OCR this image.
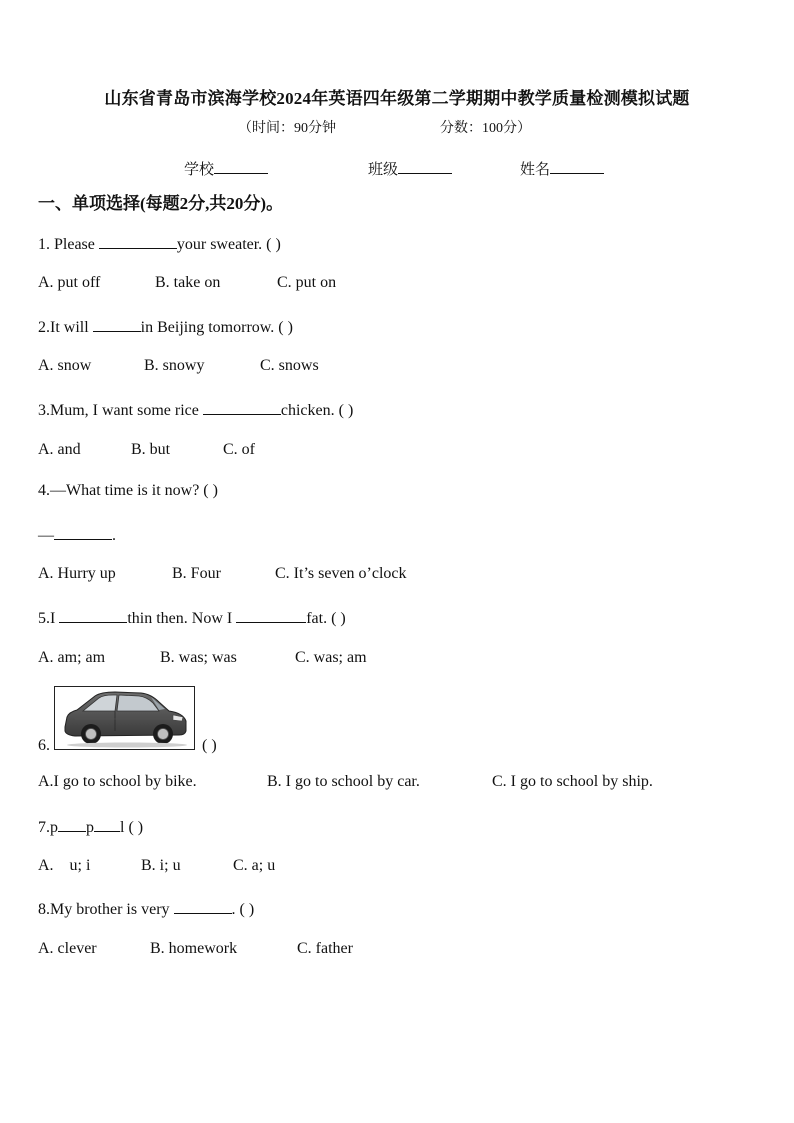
山东省青岛市滨海学校2024年英语四年级第二学期期中教学质量检测模拟试题
（时间：90分钟	分数：100分）
学校	班级	姓名
一、单项选择(每题2分,共20分)。
1. Please	your sweater. ( )
A. put off	B. take on	C. put on
2.It will	in Beijing tomorrow. ( )
A. snow	B. snowy	C. snows
3.Mum, I want some rice	chicken. ( )
A. and	B. but	C. of
4.—What time is it now? ( )
—	.
A. Hurry up	B. Four	C. It’s seven o’clock
5.I	thin then. Now I	fat. ( )
A. am; am	B. was; was	C. was; am
6.	( )
A.I go to school by bike.	B. I go to school by car.	C. I go to school by ship.
7.p p l ( )
A.    u; i	B. i; u	C. a; u
8.My brother is very	. ( )
A. clever	B. homework	C. father
